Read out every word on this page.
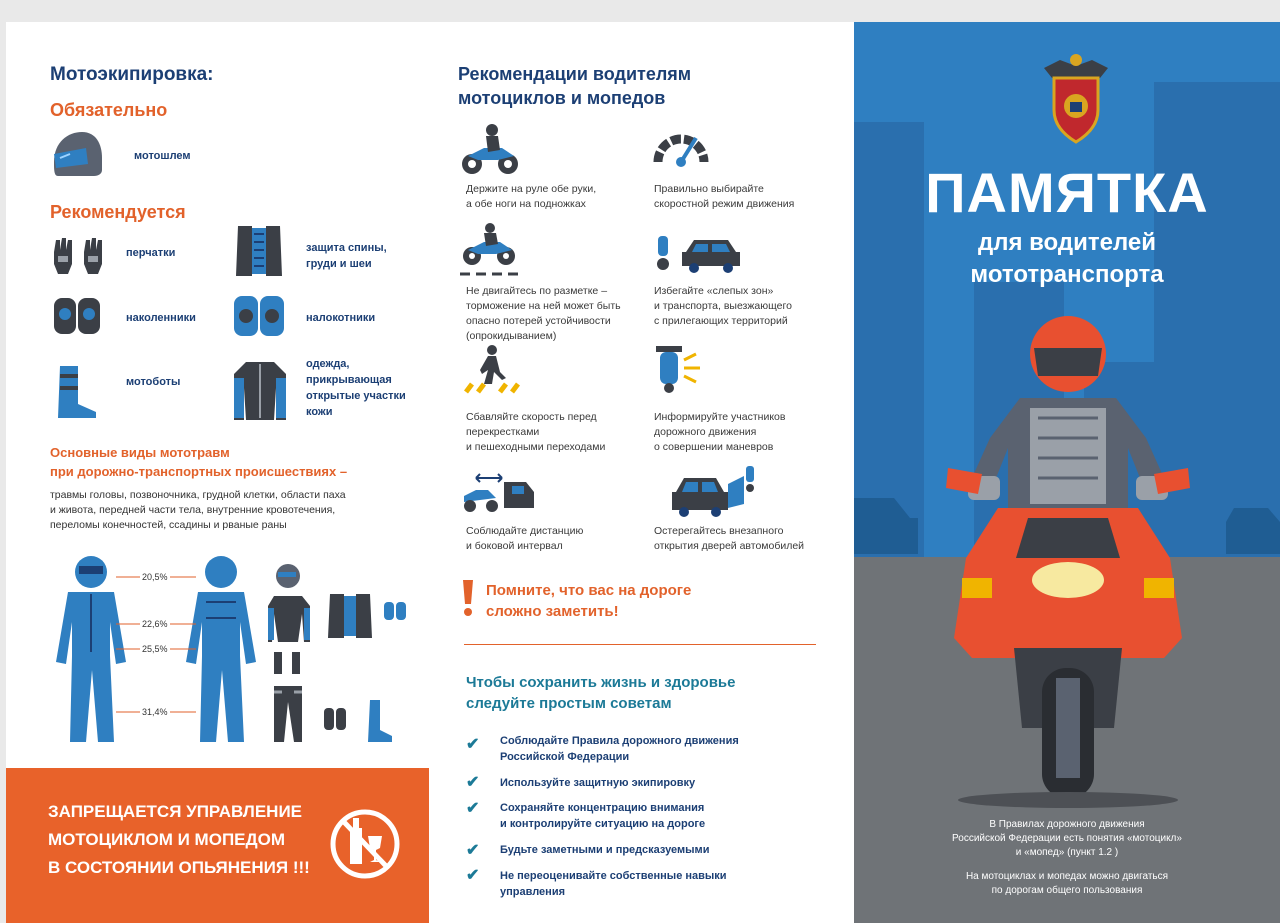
Мотоэкипировка:
Обязательно
мотошлем
Рекомендуется
перчатки	защита спины,
груди и шеи
наколенники	налокотники
мотоботы
одежда,
прикрывающая
открытые участки
кожи
Основные виды мототравм
при дорожно-транспортных происшествиях –
травмы головы, позвоночника, грудной клетки, области паха
и живота, передней части тела, внутренние кровотечения,
переломы конечностей, ссадины и рваные раны
20,5%
22,6%
25,5%
31,4%
ЗАПРЕЩАЕТСЯ УПРАВЛЕНИЕ
МОТОЦИКЛОМ И МОПЕДОМ
В СОСТОЯНИИ ОПЬЯНЕНИЯ !!!
Рекомендации водителям
мотоциклов и мопедов
Держите на руле обе руки,
а обе ноги на подножках
Правильно выбирайте
скоростной режим движения
Не двигайтесь по разметке –
торможение на ней может быть
опасно потерей устойчивости
(опрокидыванием)
Избегайте «слепых зон»
и транспорта, выезжающего
с прилегающих территорий
Сбавляйте скорость перед
перекрестками
и пешеходными переходами
Информируйте участников
дорожного движения
о совершении маневров
Соблюдайте дистанцию
и боковой интервал
Остерегайтесь внезапного
открытия дверей автомобилей
Помните, что вас на дороге
сложно заметить!
Чтобы сохранить жизнь и здоровье
следуйте простым советам
✔ Соблюдайте Правила дорожного движения
Российской Федерации
✔ Используйте защитную экипировку
✔ Сохраняйте концентрацию внимания
и контролируйте ситуацию на дороге
✔ Будьте заметными и предсказуемыми
✔ Не переоценивайте собственные навыки
управления
ПАМЯТКА
для водителей
мототранспорта
В Правилах дорожного движения
Российской Федерации есть понятия «мотоцикл»
и «мопед» (пункт 1.2 )
На мотоциклах и мопедах можно двигаться
по дорогам общего пользования
